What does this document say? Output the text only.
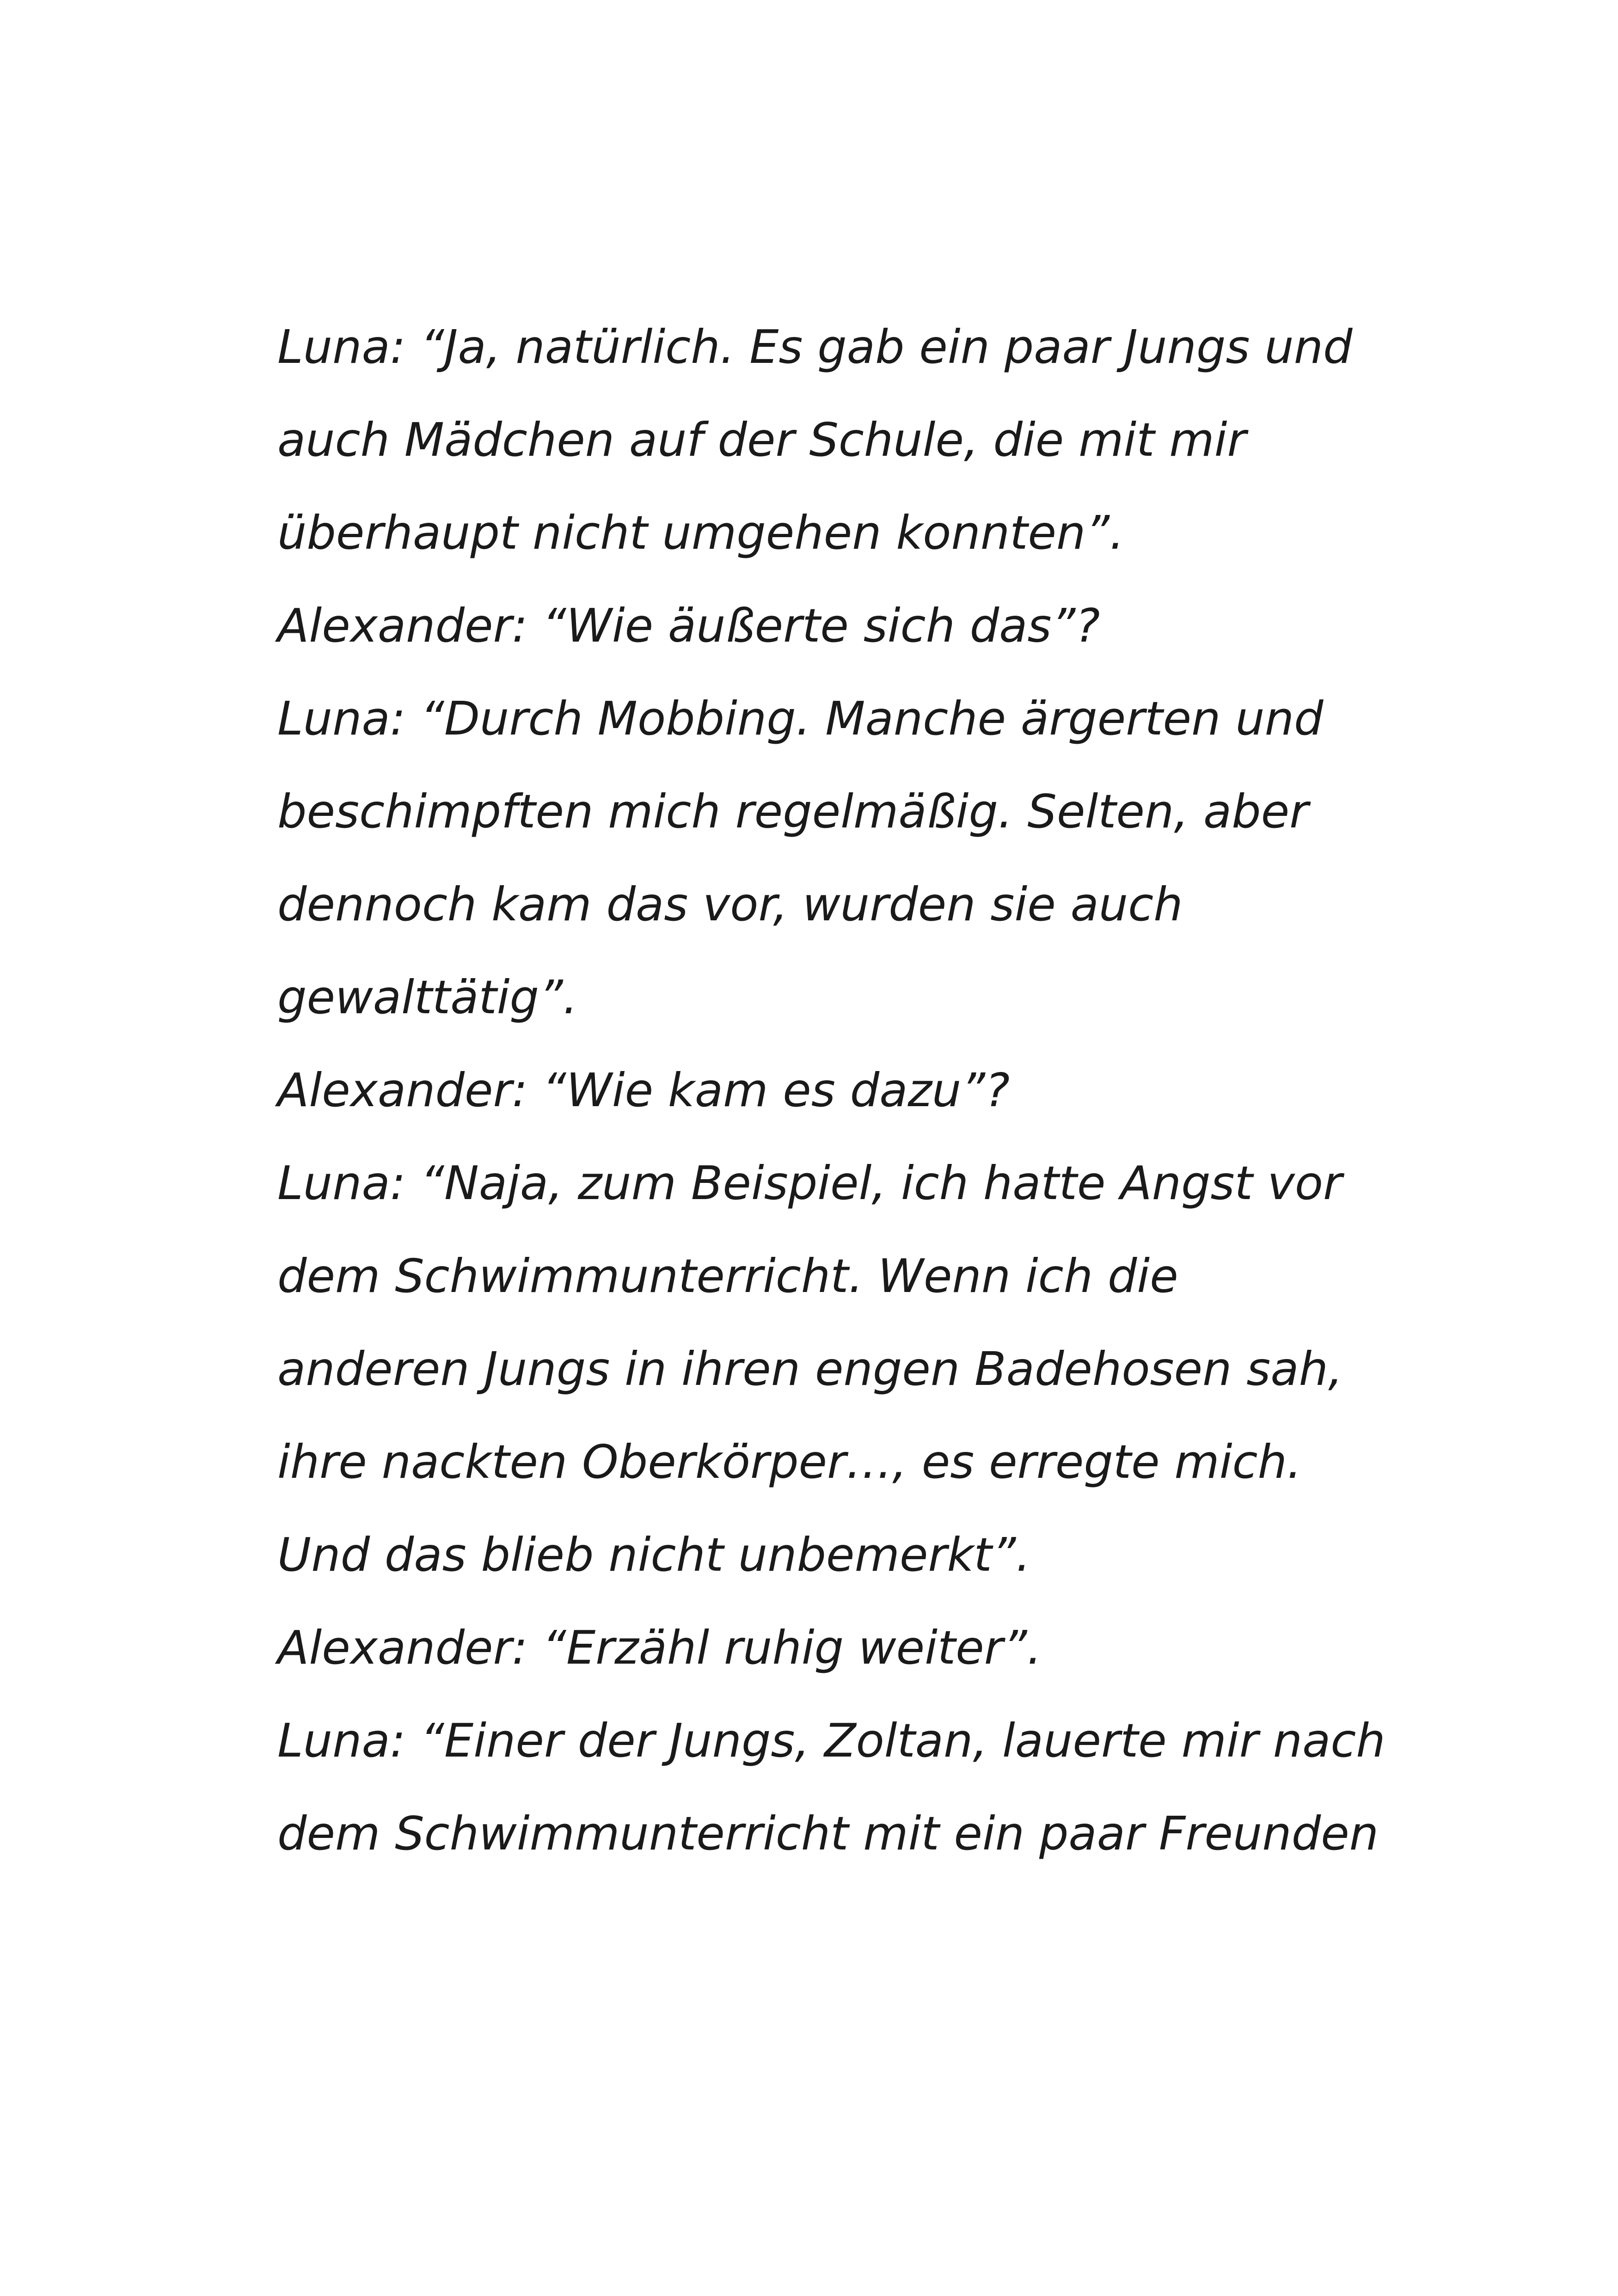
Luna: “Ja, natürlich. Es gab ein paar Jungs und
auch Mädchen auf der Schule, die mit mir
überhaupt nicht umgehen konnten”.
Alexander: “Wie äußerte sich das”?
Luna: “Durch Mobbing. Manche ärgerten und
beschimpften mich regelmäßig. Selten, aber
dennoch kam das vor, wurden sie auch
gewalttätig”.
Alexander: “Wie kam es dazu”?
Luna: “Naja, zum Beispiel, ich hatte Angst vor
dem Schwimmunterricht. Wenn ich die
anderen Jungs in ihren engen Badehosen sah,
ihre nackten Oberkörper…, es erregte mich.
Und das blieb nicht unbemerkt”.
Alexander: “Erzähl ruhig weiter”.
Luna: “Einer der Jungs, Zoltan, lauerte mir nach
dem Schwimmunterricht mit ein paar Freunden
